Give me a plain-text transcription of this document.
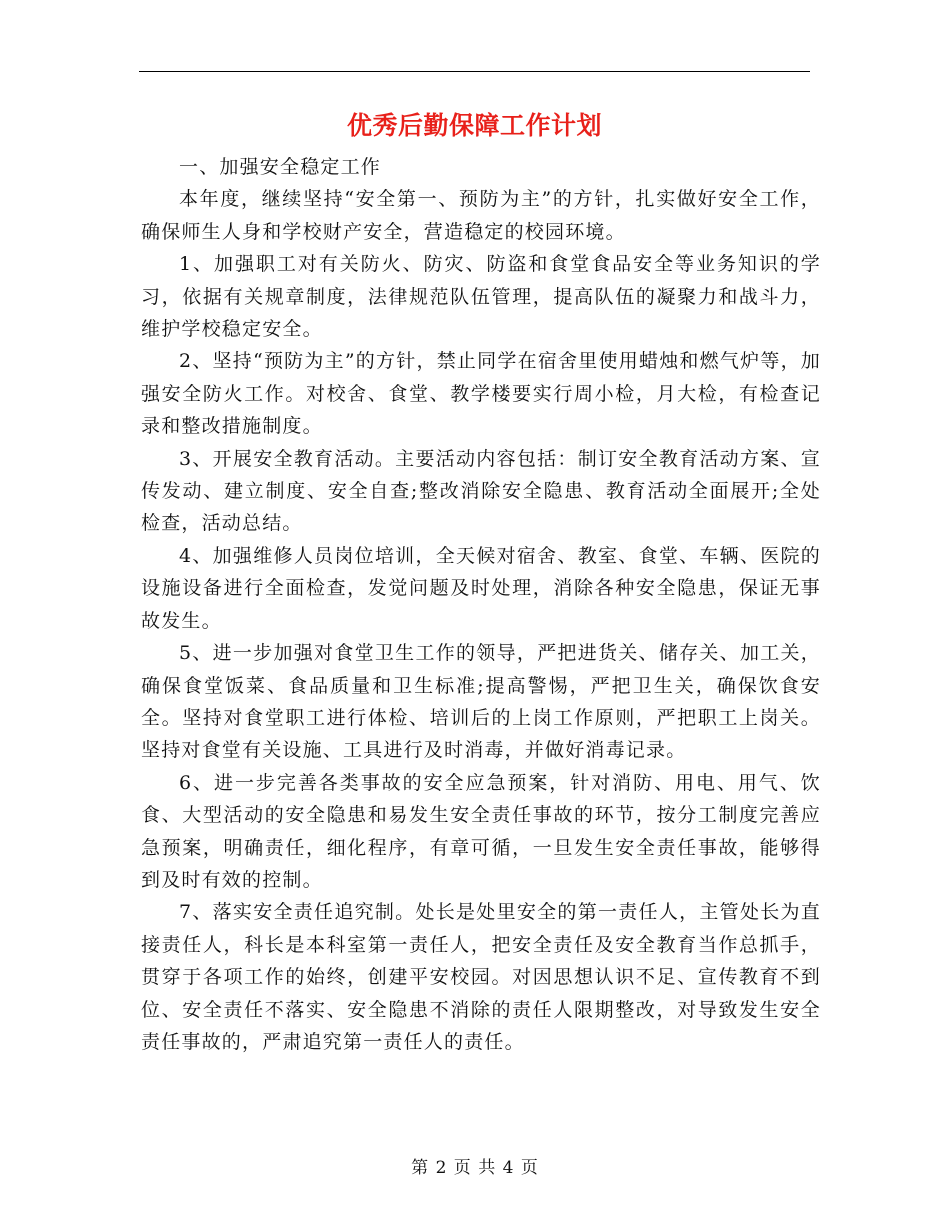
优秀后勤保障工作计划

一、加强安全稳定工作

本年度，继续坚持“安全第一、预防为主”的方针，扎实做好安全工作，确保师生人身和学校财产安全，营造稳定的校园环境。

1、加强职工对有关防火、防灾、防盗和食堂食品安全等业务知识的学习，依据有关规章制度，法律规范队伍管理，提高队伍的凝聚力和战斗力，维护学校稳定安全。

2、坚持“预防为主”的方针，禁止同学在宿舍里使用蜡烛和燃气炉等，加强安全防火工作。对校舍、食堂、教学楼要实行周小检，月大检，有检查记录和整改措施制度。

3、开展安全教育活动。主要活动内容包括：制订安全教育活动方案、宣传发动、建立制度、安全自查;整改消除安全隐患、教育活动全面展开;全处检查，活动总结。

4、加强维修人员岗位培训，全天候对宿舍、教室、食堂、车辆、医院的设施设备进行全面检查，发觉问题及时处理，消除各种安全隐患，保证无事故发生。

5、进一步加强对食堂卫生工作的领导，严把进货关、储存关、加工关，确保食堂饭菜、食品质量和卫生标准;提高警惕，严把卫生关，确保饮食安全。坚持对食堂职工进行体检、培训后的上岗工作原则，严把职工上岗关。坚持对食堂有关设施、工具进行及时消毒，并做好消毒记录。

6、进一步完善各类事故的安全应急预案，针对消防、用电、用气、饮食、大型活动的安全隐患和易发生安全责任事故的环节，按分工制度完善应急预案，明确责任，细化程序，有章可循，一旦发生安全责任事故，能够得到及时有效的控制。

7、落实安全责任追究制。处长是处里安全的第一责任人，主管处长为直接责任人，科长是本科室第一责任人，把安全责任及安全教育当作总抓手，贯穿于各项工作的始终，创建平安校园。对因思想认识不足、宣传教育不到位、安全责任不落实、安全隐患不消除的责任人限期整改，对导致发生安全责任事故的，严肃追究第一责任人的责任。

第 2 页 共 4 页
